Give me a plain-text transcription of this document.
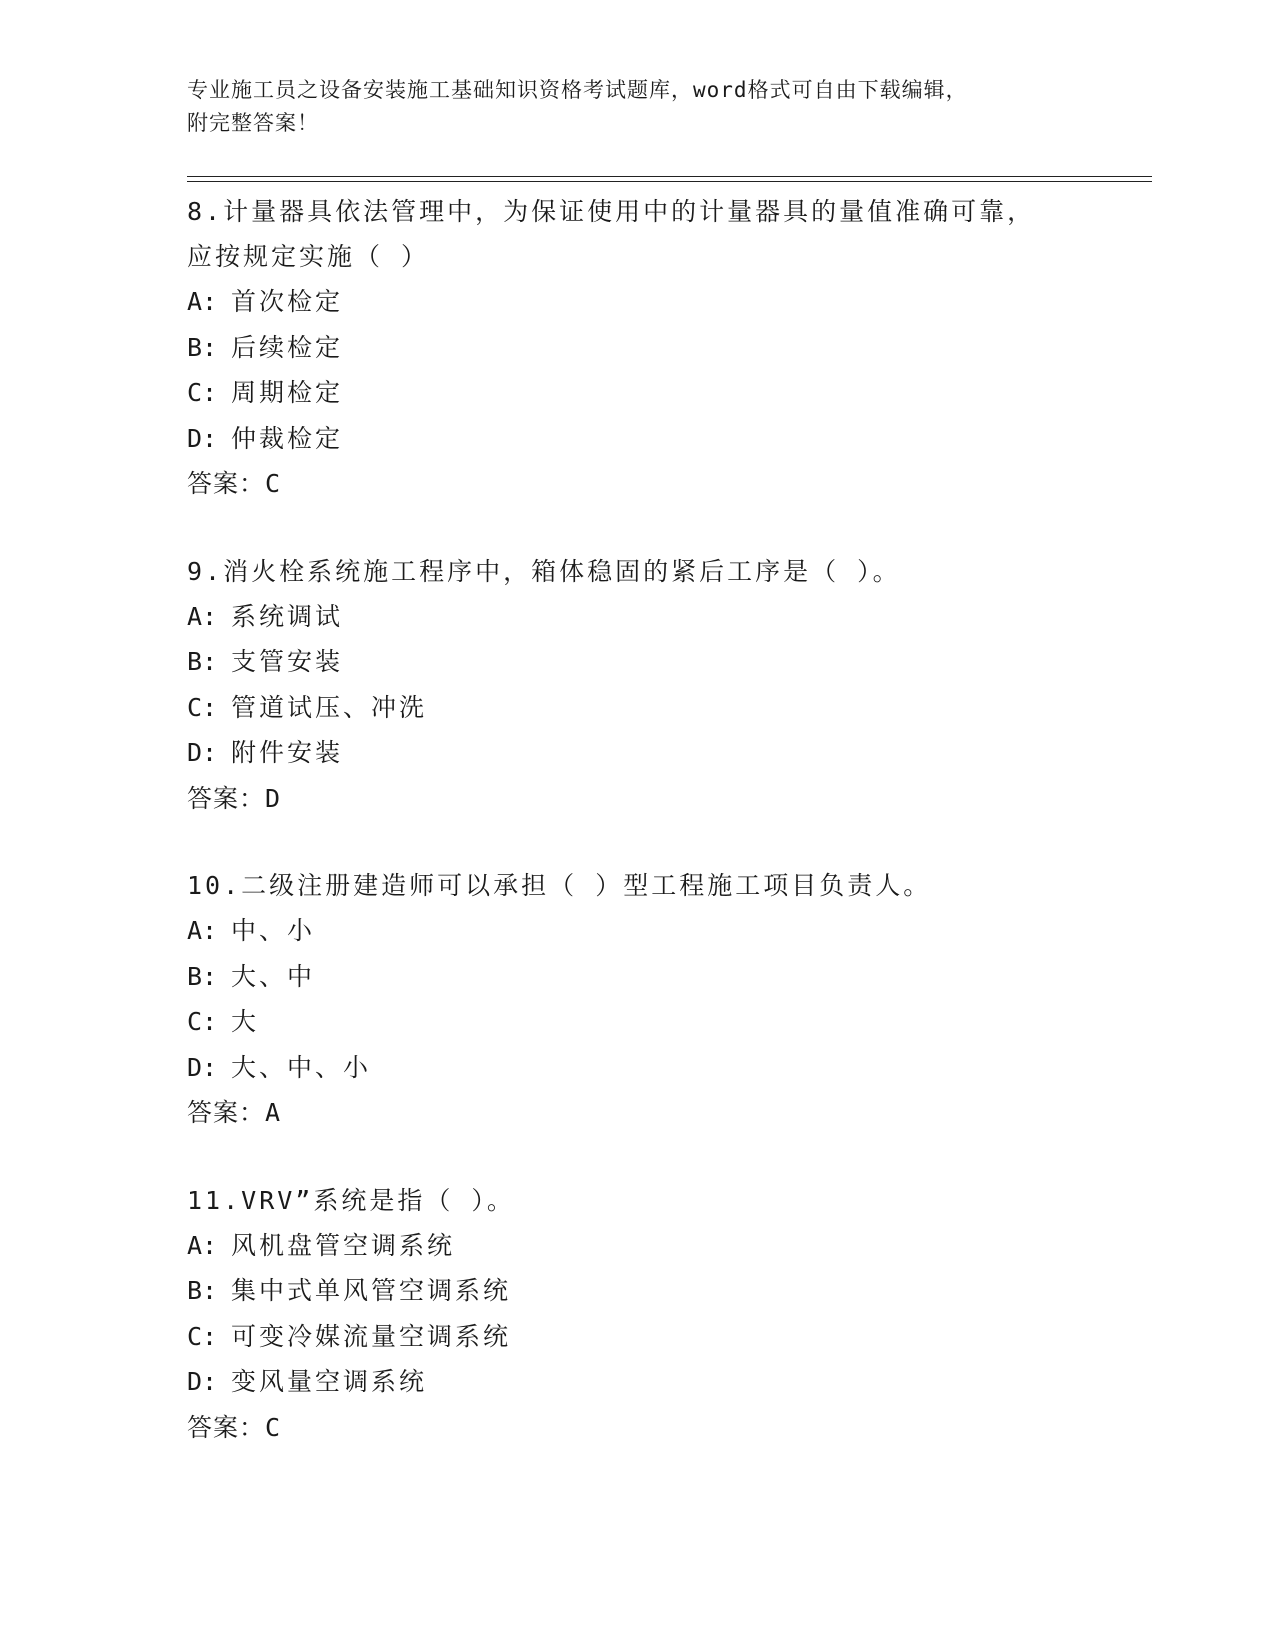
专业施工员之设备安装施工基础知识资格考试题库，word格式可自由下载编辑，
附完整答案！
8.计量器具依法管理中，为保证使用中的计量器具的量值准确可靠，
应按规定实施（ ）
A: 首次检定
B: 后续检定
C: 周期检定
D: 仲裁检定
答案：C
9.消火栓系统施工程序中，箱体稳固的紧后工序是（ ）。
A: 系统调试
B: 支管安装
C: 管道试压、冲洗
D: 附件安装
答案：D
10.二级注册建造师可以承担（ ）型工程施工项目负责人。
A: 中、小
B: 大、中
C: 大
D: 大、中、小
答案：A
11.VRV”系统是指（ ）。
A: 风机盘管空调系统
B: 集中式单风管空调系统
C: 可变冷媒流量空调系统
D: 变风量空调系统
答案：C
